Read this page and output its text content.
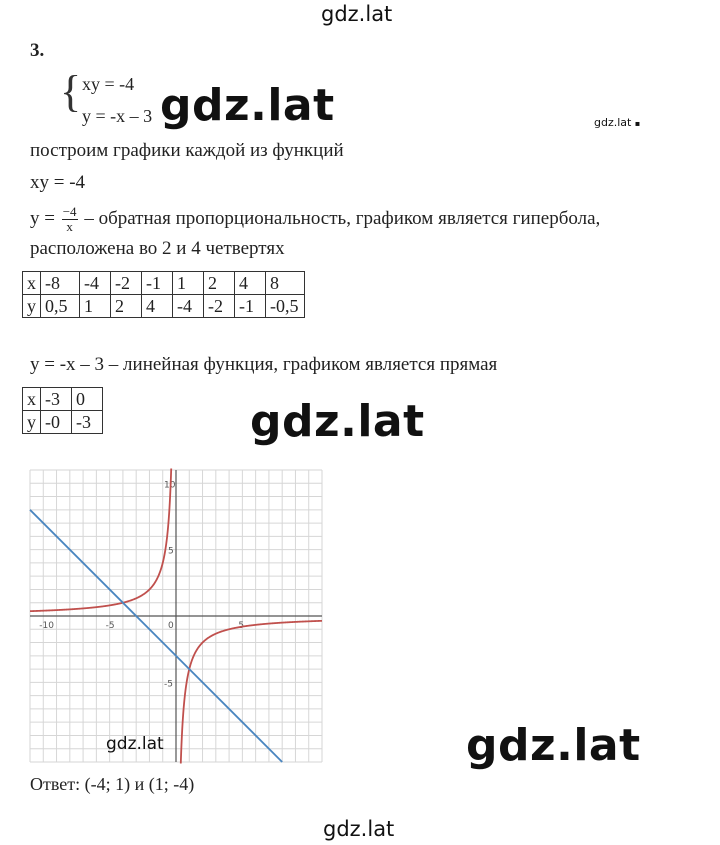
gdz.lat
gdz.lat	gdz.lat ▪
gdz.lat
gdz.lat
gdz.lat
3.
{ xy = -4
y = -x – 3
построим графики каждой из функций
xy = -4
$y = \frac{-4}{x}$ – обратная пропорциональность, графиком является гипербола,
расположена во 2 и 4 четвертях
x	-8	-4	-2	-1	1	2	4	8
y	0,5	1	2	4	-4	-2	-1	-0,5
y = -x – 3 – линейная функция, графиком является прямая
x	-3	0
y	-0	-3
-10	-5	0	5
10
5
-5
gdz.lat
Ответ: (-4; 1) и (1; -4)
